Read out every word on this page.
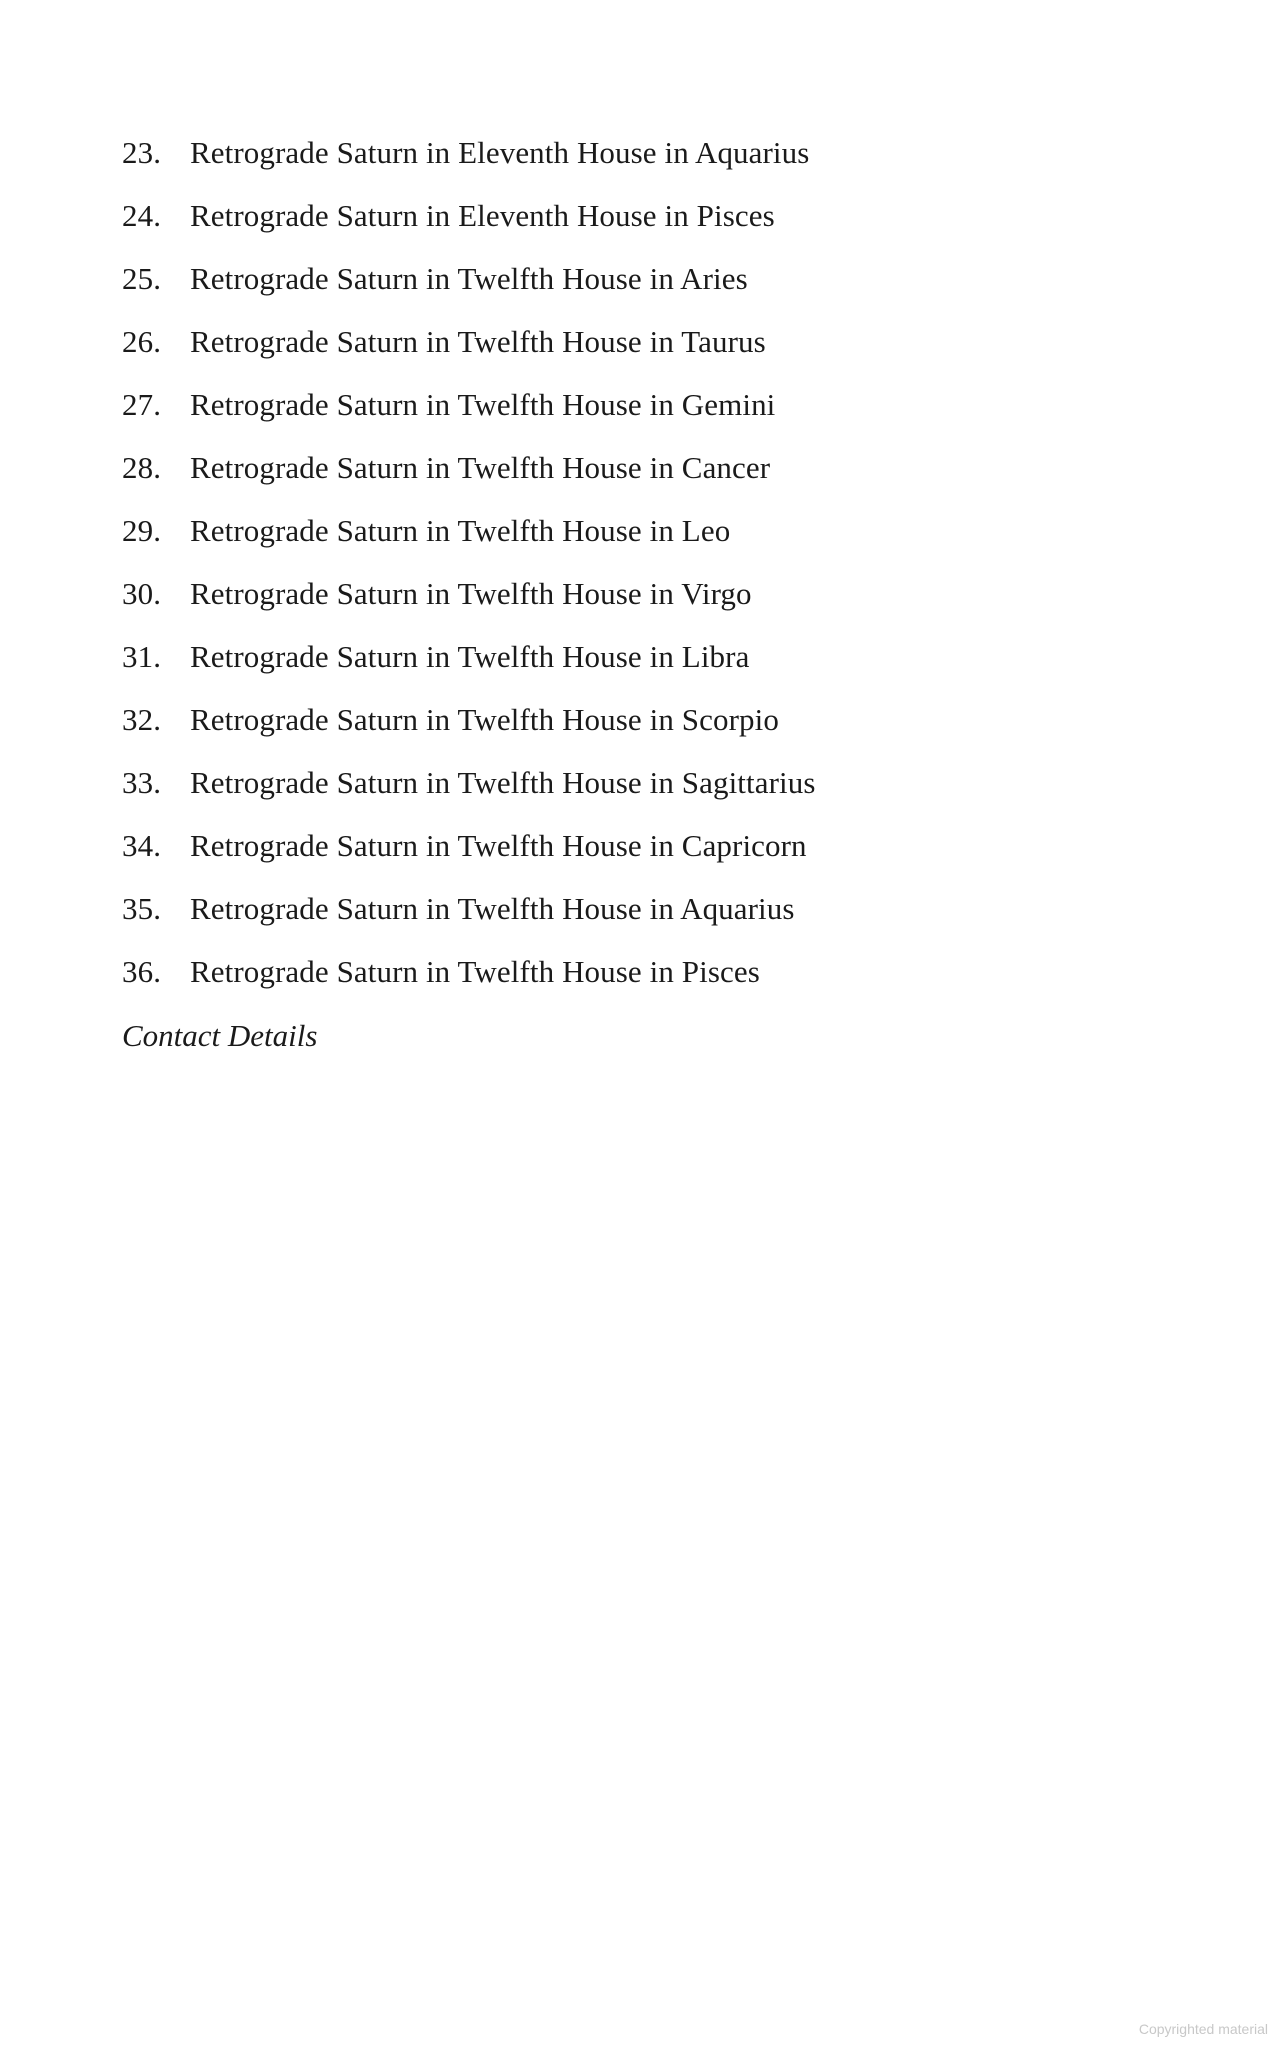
23. Retrograde Saturn in Eleventh House in Aquarius
24. Retrograde Saturn in Eleventh House in Pisces
25. Retrograde Saturn in Twelfth House in Aries
26. Retrograde Saturn in Twelfth House in Taurus
27. Retrograde Saturn in Twelfth House in Gemini
28. Retrograde Saturn in Twelfth House in Cancer
29. Retrograde Saturn in Twelfth House in Leo
30. Retrograde Saturn in Twelfth House in Virgo
31. Retrograde Saturn in Twelfth House in Libra
32. Retrograde Saturn in Twelfth House in Scorpio
33. Retrograde Saturn in Twelfth House in Sagittarius
34. Retrograde Saturn in Twelfth House in Capricorn
35. Retrograde Saturn in Twelfth House in Aquarius
36. Retrograde Saturn in Twelfth House in Pisces
Contact Details
Copyrighted material
